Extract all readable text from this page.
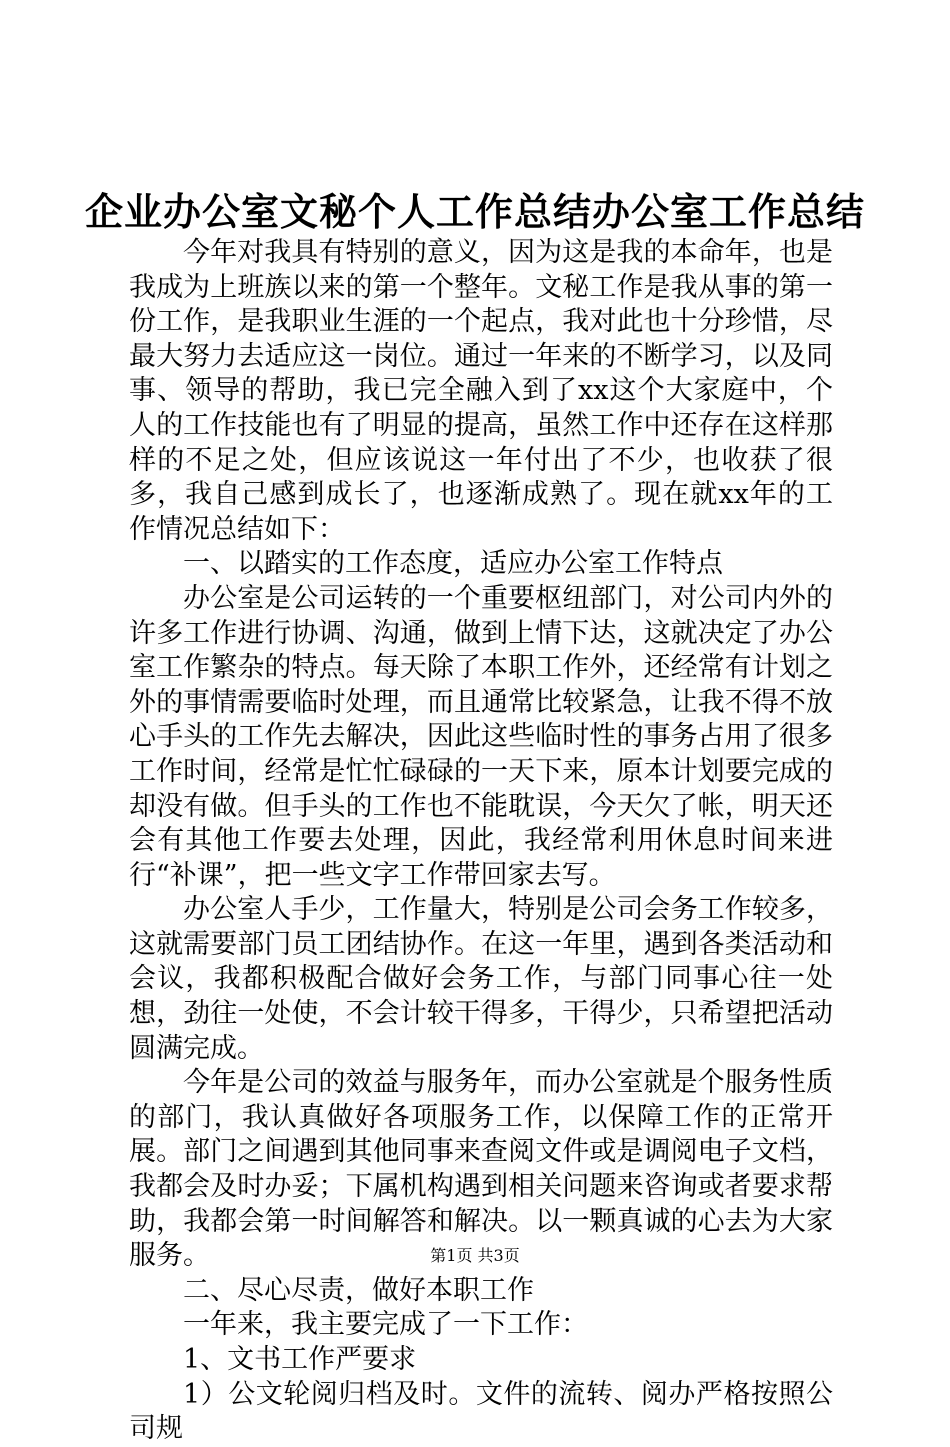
企业办公室文秘个人工作总结办公室工作总结

今年对我具有特别的意义，因为这是我的本命年，也是我成为上班族以来的第一个整年。文秘工作是我从事的第一份工作，是我职业生涯的一个起点，我对此也十分珍惜，尽最大努力去适应这一岗位。通过一年来的不断学习，以及同事、领导的帮助，我已完全融入到了xx这个大家庭中，个人的工作技能也有了明显的提高，虽然工作中还存在这样那样的不足之处，但应该说这一年付出了不少，也收获了很多，我自己感到成长了，也逐渐成熟了。现在就xx年的工作情况总结如下：

一、以踏实的工作态度，适应办公室工作特点

办公室是公司运转的一个重要枢纽部门，对公司内外的许多工作进行协调、沟通，做到上情下达，这就决定了办公室工作繁杂的特点。每天除了本职工作外，还经常有计划之外的事情需要临时处理，而且通常比较紧急，让我不得不放心手头的工作先去解决，因此这些临时性的事务占用了很多工作时间，经常是忙忙碌碌的一天下来，原本计划要完成的却没有做。但手头的工作也不能耽误，今天欠了帐，明天还会有其他工作要去处理，因此，我经常利用休息时间来进行“补课”，把一些文字工作带回家去写。

办公室人手少，工作量大，特别是公司会务工作较多，这就需要部门员工团结协作。在这一年里，遇到各类活动和会议，我都积极配合做好会务工作，与部门同事心往一处想，劲往一处使，不会计较干得多，干得少，只希望把活动圆满完成。

今年是公司的效益与服务年，而办公室就是个服务性质的部门，我认真做好各项服务工作，以保障工作的正常开展。部门之间遇到其他同事来查阅文件或是调阅电子文档，我都会及时办妥；下属机构遇到相关问题来咨询或者要求帮助，我都会第一时间解答和解决。以一颗真诚的心去为大家服务。

二、尽心尽责，做好本职工作

一年来，我主要完成了一下工作：

1、文书工作严要求

1）公文轮阅归档及时。文件的流转、阅办严格按照公司规

第1页 共3页
